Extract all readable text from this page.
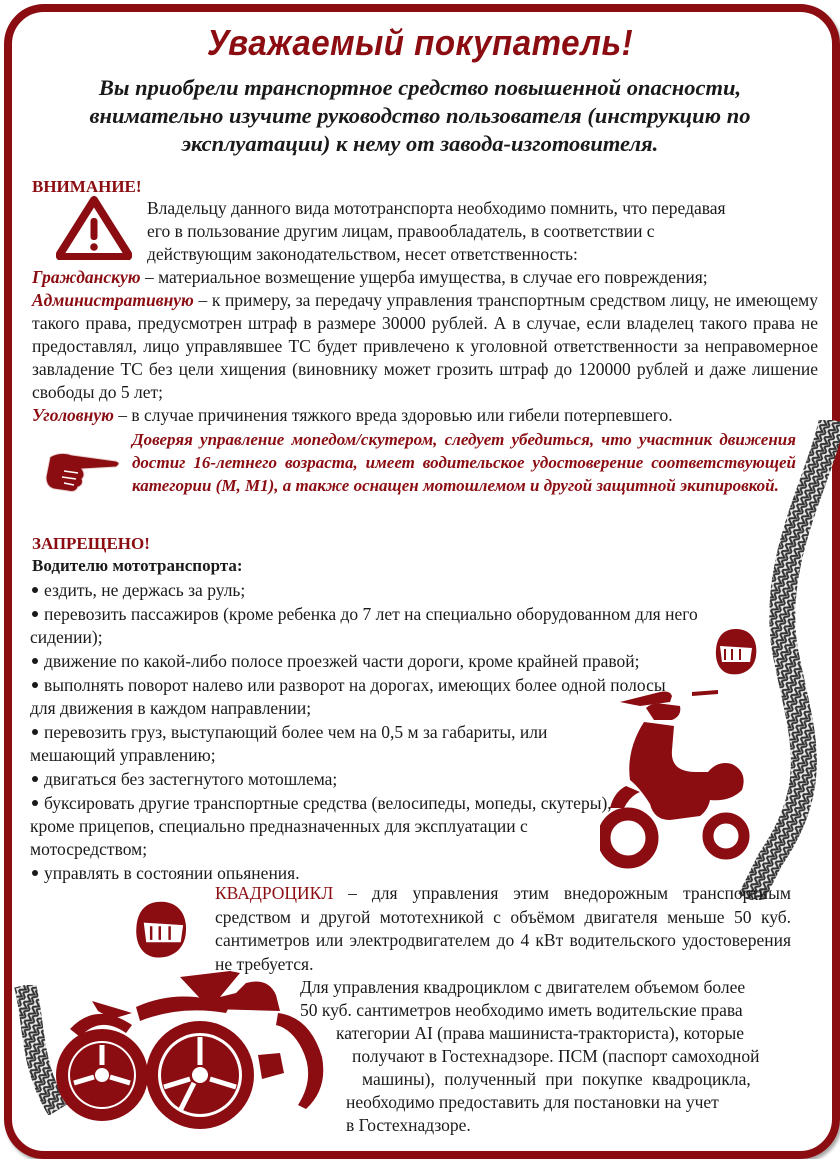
Уважаемый покупатель!
Вы приобрели транспортное средство повышенной опасности,
внимательно изучите руководство пользователя (инструкцию по
эксплуатации) к нему от завода-изготовителя.
ВНИМАНИЕ!
Владельцу данного вида мототранспорта необходимо помнить, что передавая
его в пользование другим лицам, правообладатель, в соответствии с
действующим законодательством, несет ответственность:
Гражданскую – материальное возмещение ущерба имущества, в случае его повреждения;
Административную – к примеру, за передачу управления транспортным средством лицу, не имеющему такого права, предусмотрен штраф в размере 30000 рублей. А в случае, если владелец такого права не предоставлял, лицо управлявшее ТС будет привлечено к уголовной ответственности за неправомерное завладение ТС без цели хищения (виновнику может грозить штраф до 120000 рублей и даже лишение свободы до 5 лет;
Уголовную – в случае причинения тяжкого вреда здоровью или гибели потерпевшего.
Доверяя управление мопедом/скутером, следует убедиться, что участник движения достиг 16-летнего возраста, имеет водительское удостоверение соответствующей категории (М, М1), а также оснащен мотошлемом и другой защитной экипировкой.
ЗАПРЕЩЕНО!
Водителю мототранспорта:
ездить, не держась за руль;
перевозить пассажиров (кроме ребенка до 7 лет на специально оборудованном для него сидении);
движение по какой-либо полосе проезжей части дороги, кроме крайней правой;
выполнять поворот налево или разворот на дорогах, имеющих более одной полосы для движения в каждом направлении;
перевозить груз, выступающий более чем на 0,5 м за габариты, или мешающий управлению;
двигаться без застегнутого мотошлема;
буксировать другие транспортные средства (велосипеды, мопеды, скутеры), кроме прицепов, специально предназначенных для эксплуатации с мотосредством;
управлять в состоянии опьянения.
КВАДРОЦИКЛ – для управления этим внедорожным транспортным средством и другой мототехникой с объёмом двигателя меньше 50 куб. сантиметров или электродвигателем до 4 кВт водительского удостоверения не требуется.
Для управления квадроциклом с двигателем объемом более
50 куб. сантиметров необходимо иметь водительские права
категории AI (права машиниста-тракториста), которые
получают в Гостехнадзоре. ПСМ (паспорт самоходной
машины), полученный при покупке квадроцикла,
необходимо предоставить для постановки на учет
в Гостехнадзоре.
